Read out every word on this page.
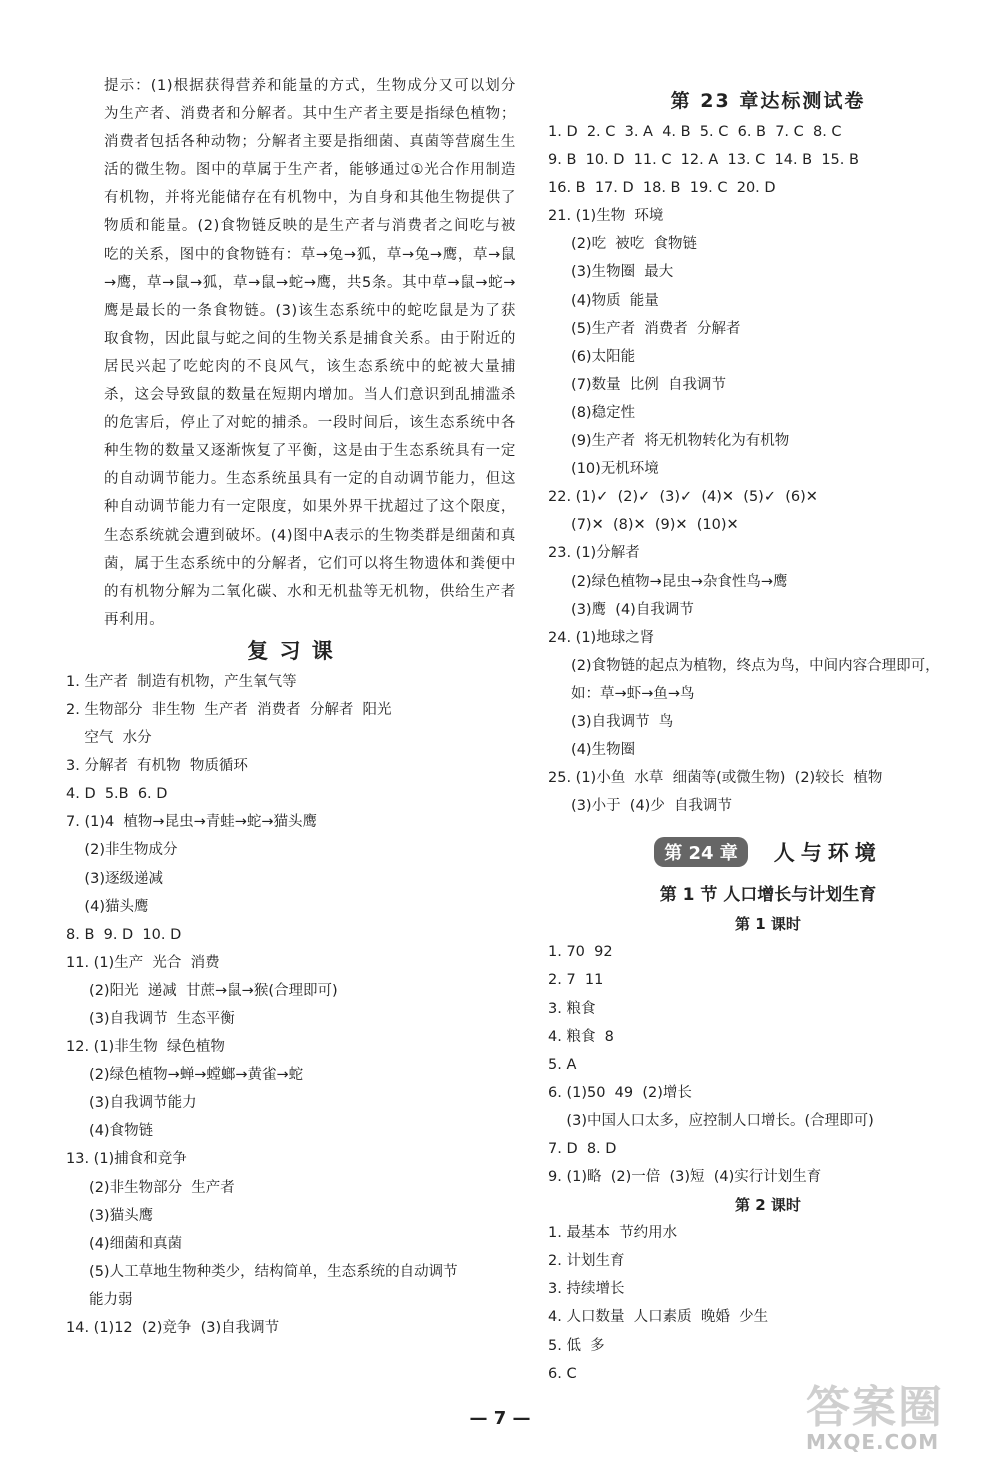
提示：(1)根据获得营养和能量的方式，生物成分又可以划分为生产者、消费者和分解者。其中生产者主要是指绿色植物；消费者包括各种动物；分解者主要是指细菌、真菌等营腐生生活的微生物。图中的草属于生产者，能够通过①光合作用制造有机物，并将光能储存在有机物中，为自身和其他生物提供了物质和能量。(2)食物链反映的是生产者与消费者之间吃与被吃的关系，图中的食物链有：草→兔→狐，草→兔→鹰，草→鼠→鹰，草→鼠→狐，草→鼠→蛇→鹰，共5条。其中草→鼠→蛇→鹰是最长的一条食物链。(3)该生态系统中的蛇吃鼠是为了获取食物，因此鼠与蛇之间的生物关系是捕食关系。由于附近的居民兴起了吃蛇肉的不良风气，该生态系统中的蛇被大量捕杀，这会导致鼠的数量在短期内增加。当人们意识到乱捕滥杀的危害后，停止了对蛇的捕杀。一段时间后，该生态系统中各种生物的数量又逐渐恢复了平衡，这是由于生态系统具有一定的自动调节能力。生态系统虽具有一定的自动调节能力，但这种自动调节能力有一定限度，如果外界干扰超过了这个限度，生态系统就会遭到破坏。(4)图中A表示的生物类群是细菌和真菌，属于生态系统中的分解者，它们可以将生物遗体和粪便中的有机物分解为二氧化碳、水和无机盐等无机物，供给生产者再利用。

复 习 课
1. 生产者  制造有机物，产生氧气等
2. 生物部分  非生物  生产者  消费者  分解者  阳光
空气  水分
3. 分解者  有机物  物质循环
4. D  5.B  6. D
7. (1)4  植物→昆虫→青蛙→蛇→猫头鹰
(2)非生物成分
(3)逐级递减
(4)猫头鹰
8. B  9. D  10. D
11. (1)生产  光合  消费
(2)阳光  递减  甘蔗→鼠→猴(合理即可)
(3)自我调节  生态平衡
12. (1)非生物  绿色植物
(2)绿色植物→蝉→螳螂→黄雀→蛇
(3)自我调节能力
(4)食物链
13. (1)捕食和竞争
(2)非生物部分  生产者
(3)猫头鹰
(4)细菌和真菌
(5)人工草地生物种类少，结构简单，生态系统的自动调节
能力弱
14. (1)12  (2)竞争  (3)自我调节
第 23 章达标测试卷
1. D  2. C  3. A  4. B  5. C  6. B  7. C  8. C
9. B  10. D  11. C  12. A  13. C  14. B  15. B
16. B  17. D  18. B  19. C  20. D
21. (1)生物  环境
(2)吃  被吃  食物链
(3)生物圈  最大
(4)物质  能量
(5)生产者  消费者  分解者
(6)太阳能
(7)数量  比例  自我调节
(8)稳定性
(9)生产者  将无机物转化为有机物
(10)无机环境
22. (1)✓  (2)✓  (3)✓  (4)✕  (5)✓  (6)✕
(7)✕  (8)✕  (9)✕  (10)✕
23. (1)分解者
(2)绿色植物→昆虫→杂食性鸟→鹰
(3)鹰  (4)自我调节
24. (1)地球之肾
(2)食物链的起点为植物，终点为鸟，中间内容合理即可，
如：草→虾→鱼→鸟
(3)自我调节  鸟
(4)生物圈
25. (1)小鱼  水草  细菌等(或微生物)  (2)较长  植物
(3)小于  (4)少  自我调节
第 24 章	人与环境
第 1 节 人口增长与计划生育
第 1 课时
1. 70  92
2. 7  11
3. 粮食
4. 粮食  8
5. A
6. (1)50  49  (2)增长
(3)中国人口太多，应控制人口增长。(合理即可)
7. D  8. D
9. (1)略  (2)一倍  (3)短  (4)实行计划生育
第 2 课时
1. 最基本  节约用水
2. 计划生育
3. 持续增长
4. 人口数量  人口素质  晚婚  少生
5. 低  多
6. C
— 7 —	答案圈
MXQE.COM
